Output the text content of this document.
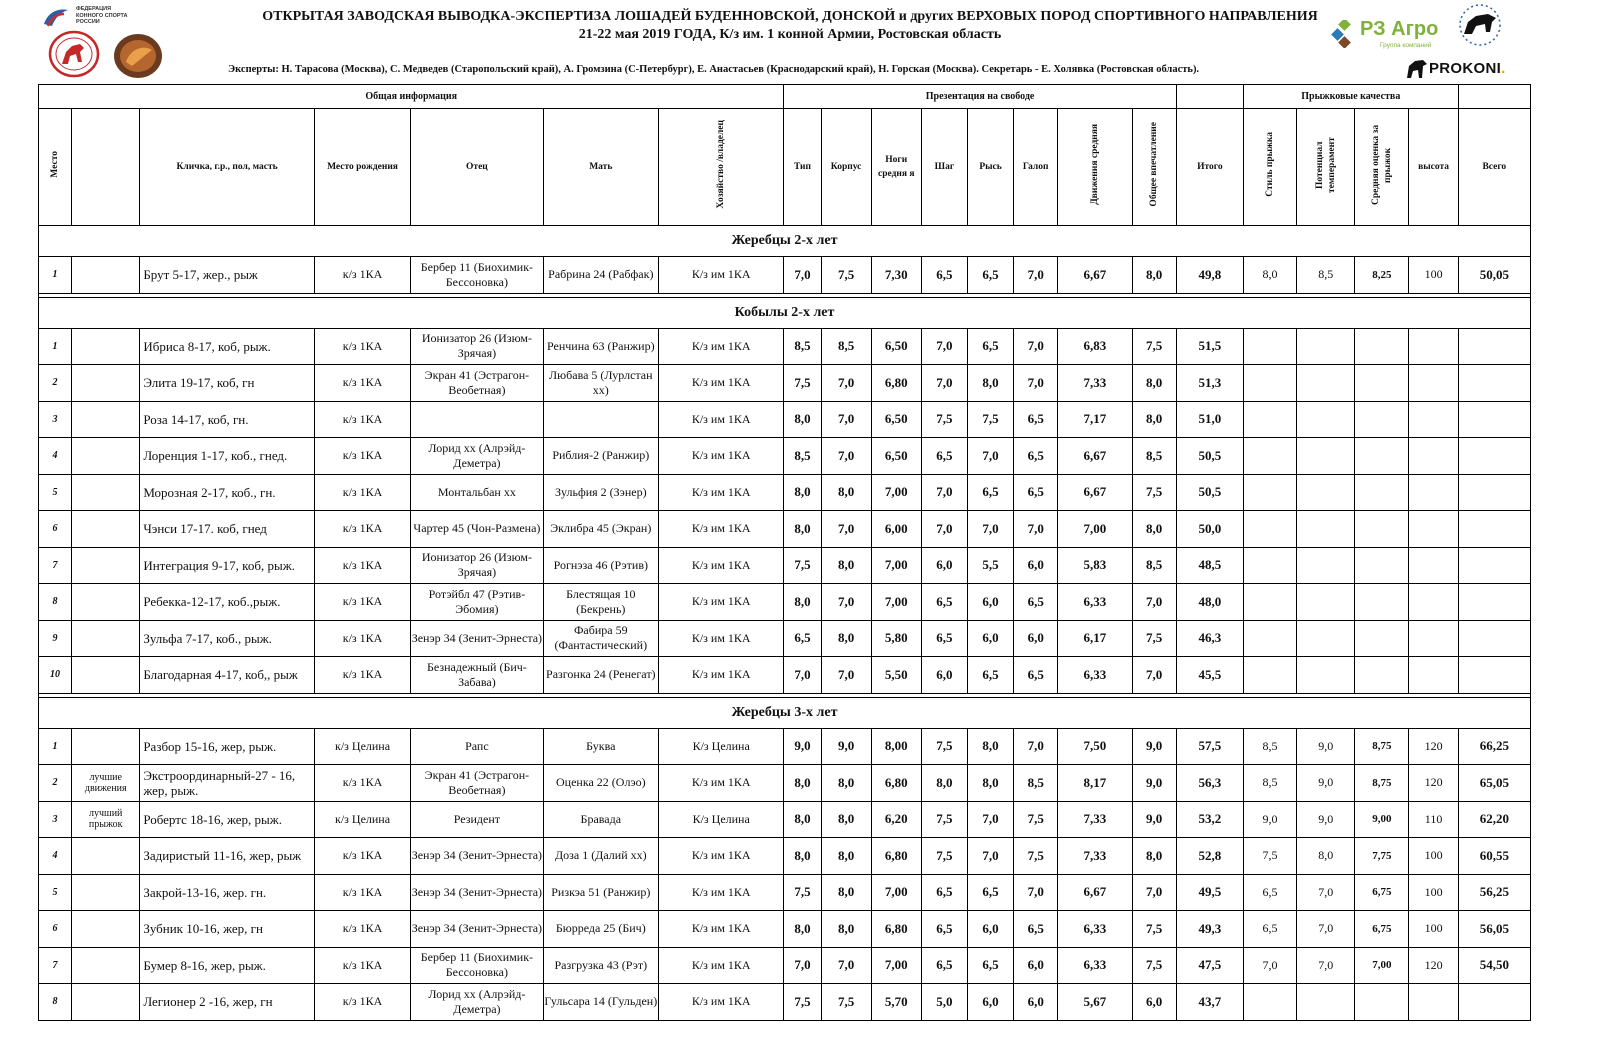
ОТКРЫТАЯ ЗАВОДСКАЯ ВЫВОДКА-ЭКСПЕРТИЗА ЛОШАДЕЙ БУДЕННОВСКОЙ, ДОНСКОЙ и других ВЕРХОВЫХ ПОРОД СПОРТИВНОГО НАПРАВЛЕНИЯ
21-22 мая 2019 ГОДА, К/з им. 1 конной Армии, Ростовская область
Эксперты: Н. Тарасова (Москва), С. Медведев (Старопольский край), А. Громзина (С-Петербург), Е. Анастасьев (Краснодарский край), Н. Горская (Москва). Секретарь - Е. Холявка (Ростовская область).
ФЕДЕРАЦИЯ
КОННОГО СПОРТА
РОССИИ	РЗ Агро
Группа компаний
PROKONI.
Общая информация							Презентация на свободе									Прыжковые качества				
Место		Кличка, г.р., пол, масть	Место рождения	Отец	Мать	Хозяйство /владелец	Тип	Корпус	Ноги средня я	Шаг	Рысь	Галоп	Движения средняя	Общее впечатление	Итого	Стиль прыжка	Потенциал темперамент	Средняя оценка за прыжок	высота	Всего
Жеребцы 2-х лет																				
1		Брут 5-17, жер., рыж	к/з 1КА	Бербер 11 (Биохимик-Бессоновка)	Рабрина 24 (Рабфак)	К/з им 1КА	7,0	7,5	7,30	6,5	6,5	7,0	6,67	8,0	49,8	8,0	8,5	8,25	100	50,05

Кобылы 2-х лет																				
1		Ибриса 8-17, коб, рыж.	к/з 1КА	Ионизатор 26 (Изюм-Зрячая)	Ренчина 63 (Ранжир)	К/з им 1КА	8,5	8,5	6,50	7,0	6,5	7,0	6,83	7,5	51,5					
2		Элита 19-17, коб, гн	к/з 1КА	Экран 41 (Эстрагон-Веобетная)	Любава 5 (Лурлстан хх)	К/з им 1КА	7,5	7,0	6,80	7,0	8,0	7,0	7,33	8,0	51,3					
3		Роза 14-17, коб, гн.	к/з 1КА			К/з им 1КА	8,0	7,0	6,50	7,5	7,5	6,5	7,17	8,0	51,0					
4		Лоренция 1-17, коб., гнед.	к/з 1КА	Лорид хх (Алрэйд-Деметра)	Риблия-2 (Ранжир)	К/з им 1КА	8,5	7,0	6,50	6,5	7,0	6,5	6,67	8,5	50,5					
5		Морозная 2-17, коб., гн.	к/з 1КА	Монтальбан хх	Зульфия 2 (Зэнер)	К/з им 1КА	8,0	8,0	7,00	7,0	6,5	6,5	6,67	7,5	50,5					
6		Чэнси 17-17. коб, гнед	к/з 1КА	Чартер 45 (Чон-Размена)	Эклибра 45 (Экран)	К/з им 1КА	8,0	7,0	6,00	7,0	7,0	7,0	7,00	8,0	50,0					
7		Интеграция 9-17, коб, рыж.	к/з 1КА	Ионизатор 26 (Изюм-Зрячая)	Рогнэза 46 (Рэтив)	К/з им 1КА	7,5	8,0	7,00	6,0	5,5	6,0	5,83	8,5	48,5					
8		Ребекка-12-17, коб.,рыж.	к/з 1КА	Ротэйбл 47 (Рэтив-Эбомия)	Блестящая 10 (Бекрень)	К/з им 1КА	8,0	7,0	7,00	6,5	6,0	6,5	6,33	7,0	48,0					
9		Зульфа 7-17, коб., рыж.	к/з 1КА	Зенэр 34 (Зенит-Эрнеста)	Фабира 59 (Фантастический)	К/з им 1КА	6,5	8,0	5,80	6,5	6,0	6,0	6,17	7,5	46,3					
10		Благодарная 4-17, коб,, рыж	к/з 1КА	Безнадежный (Бич-Забава)	Разгонка 24 (Ренегат)	К/з им 1КА	7,0	7,0	5,50	6,0	6,5	6,5	6,33	7,0	45,5					

Жеребцы 3-х лет																				
1		Разбор 15-16, жер, рыж.	к/з Целина	Рапс	Буква	К/з Целина	9,0	9,0	8,00	7,5	8,0	7,0	7,50	9,0	57,5	8,5	9,0	8,75	120	66,25
2	лучшие движения	Экстроординарный-27 - 16, жер, рыж.	к/з 1КА	Экран 41 (Эстрагон-Веобетная)	Оценка 22 (Олэо)	К/з им 1КА	8,0	8,0	6,80	8,0	8,0	8,5	8,17	9,0	56,3	8,5	9,0	8,75	120	65,05
3	лучший прыжок	Робертс 18-16, жер, рыж.	к/з Целина	Резидент	Бравада	К/з Целина	8,0	8,0	6,20	7,5	7,0	7,5	7,33	9,0	53,2	9,0	9,0	9,00	110	62,20
4		Задиристый 11-16, жер, рыж	к/з 1КА	Зенэр 34 (Зенит-Эрнеста)	Доза 1 (Далий хх)	К/з им 1КА	8,0	8,0	6,80	7,5	7,0	7,5	7,33	8,0	52,8	7,5	8,0	7,75	100	60,55
5		Закрой-13-16, жер. гн.	к/з 1КА	Зенэр 34 (Зенит-Эрнеста)	Ризкэа 51 (Ранжир)	К/з им 1КА	7,5	8,0	7,00	6,5	6,5	7,0	6,67	7,0	49,5	6,5	7,0	6,75	100	56,25
6		Зубник 10-16, жер, гн	к/з 1КА	Зенэр 34 (Зенит-Эрнеста)	Бюрреда 25 (Бич)	К/з им 1КА	8,0	8,0	6,80	6,5	6,0	6,5	6,33	7,5	49,3	6,5	7,0	6,75	100	56,05
7		Бумер 8-16, жер, рыж.	к/з 1КА	Бербер 11 (Биохимик-Бессоновка)	Разгрузка 43 (Рэт)	К/з им 1КА	7,0	7,0	7,00	6,5	6,5	6,0	6,33	7,5	47,5	7,0	7,0	7,00	120	54,50
8		Легионер 2 -16, жер, гн	к/з 1КА	Лорид хх (Алрэйд-Деметра)	Гульсара 14 (Гульден)	К/з им 1КА	7,5	7,5	5,70	5,0	6,0	6,0	5,67	6,0	43,7					
